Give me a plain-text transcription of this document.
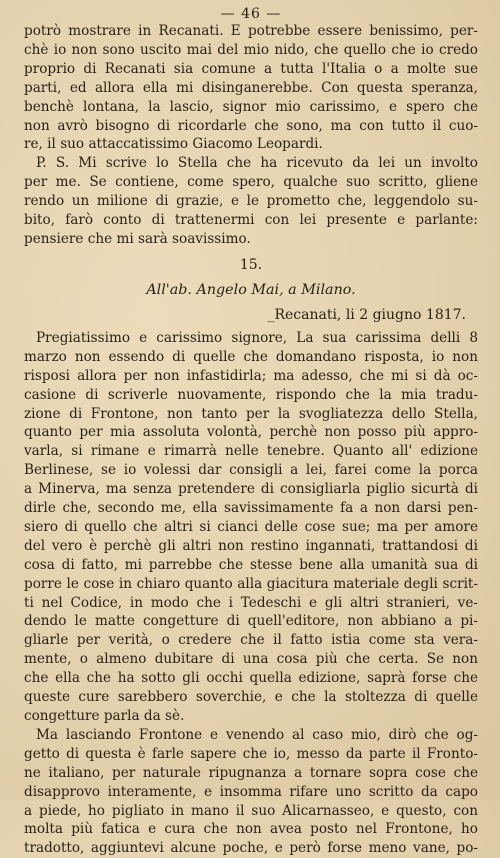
— 46 —
potrò mostrare in Recanati. E potrebbe essere benissimo, per-
chè io non sono uscito mai del mio nido, che quello che io credo
proprio di Recanati sia comune a tutta l'Italia o a molte sue
parti, ed allora ella mi disinganerebbe. Con questa speranza,
benchè lontana, la lascio, signor mio carissimo, e spero che
non avrò bisogno di ricordarle che sono, ma con tutto il cuo-
re, il suo attaccatissimo Giacomo Leopardi.
P. S. Mi scrive lo Stella che ha ricevuto da lei un involto
per me. Se contiene, come spero, qualche suo scritto, gliene
rendo un milione di grazie, e le prometto che, leggendolo su-
bito, farò conto di trattenermi con lei presente e parlante:
pensiere che mi sarà soavissimo.
15.
All'ab. Angelo Mai, a Milano.
_Recanati, li 2 giugno 1817.
Pregiatissimo e carissimo signore, La sua carissima delli 8
marzo non essendo di quelle che domandano risposta, io non
risposi allora per non infastidirla; ma adesso, che mi si dà oc-
casione di scriverle nuovamente, rispondo che la mia tradu-
zione di Frontone, non tanto per la svogliatezza dello Stella,
quanto per mia assoluta volontà, perchè non posso più appro-
varla, si rimane e rimarrà nelle tenebre. Quanto all' edizione
Berlinese, se io volessi dar consigli a lei, farei come la porca
a Minerva, ma senza pretendere di consigliarla piglio sicurtà di
dirle che, secondo me, ella savissimamente fa a non darsi pen-
siero di quello che altri si cianci delle cose sue; ma per amore
del vero è perchè gli altri non restino ingannati, trattandosi di
cosa di fatto, mi parrebbe che stesse bene alla umanità sua di
porre le cose in chiaro quanto alla giacitura materiale degli scrit-
ti nel Codice, in modo che i Tedeschi e gli altri stranieri, ve-
dendo le matte congetture di quell'editore, non abbiano a pi-
gliarle per verità, o credere che il fatto istia come sta vera-
mente, o almeno dubitare di una cosa più che certa. Se non
che ella che ha sotto gli occhi quella edizione, saprà forse che
queste cure sarebbero soverchie, e che la stoltezza di quelle
congetture parla da sè.
Ma lasciando Frontone e venendo al caso mio, dirò che og-
getto di questa è farle sapere che io, messo da parte il Fronto-
ne italiano, per naturale ripugnanza a tornare sopra cose che
disapprovo interamente, e insomma rifare uno scritto da capo
a piede, ho pigliato in mano il suo Alicarnasseo, e questo, con
molta più fatica e cura che non avea posto nel Frontone, ho
tradotto, aggiuntevi alcune poche, e però forse meno vane, po-
